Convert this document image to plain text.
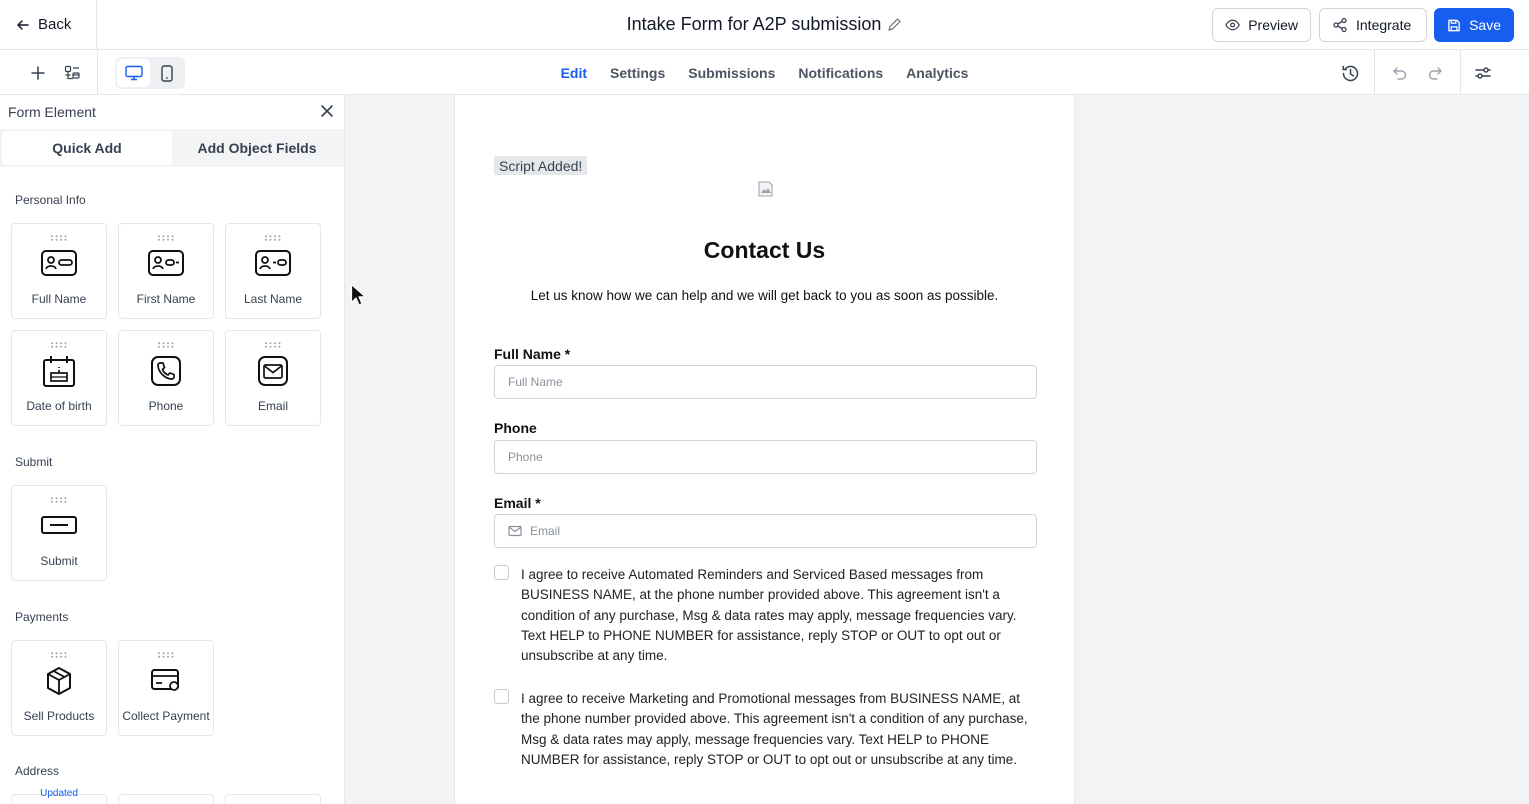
Back	Intake Form for A2P submission	Preview	Integrate	Save
Edit Settings Submissions Notifications Analytics
Form Element
Quick Add	Add Object Fields
Personal Info
Full Name	First Name	Last Name
Date of birth	Phone	Email
Submit
Submit
Payments
Sell Products	Collect Payment
Address
Updated
Script Added!
Contact Us
Let us know how we can help and we will get back to you as soon as possible.
Full Name *
Full Name
Phone
Phone
Email *
Email
I agree to receive Automated Reminders and Serviced Based messages from BUSINESS NAME, at the phone number provided above. This agreement isn't a condition of any purchase, Msg & data rates may apply, message frequencies vary. Text HELP to PHONE NUMBER for assistance, reply STOP or OUT to opt out or unsubscribe at any time.
I agree to receive Marketing and Promotional messages from BUSINESS NAME, at the phone number provided above. This agreement isn't a condition of any purchase, Msg & data rates may apply, message frequencies vary. Text HELP to PHONE NUMBER for assistance, reply STOP or OUT to opt out or unsubscribe at any time.
